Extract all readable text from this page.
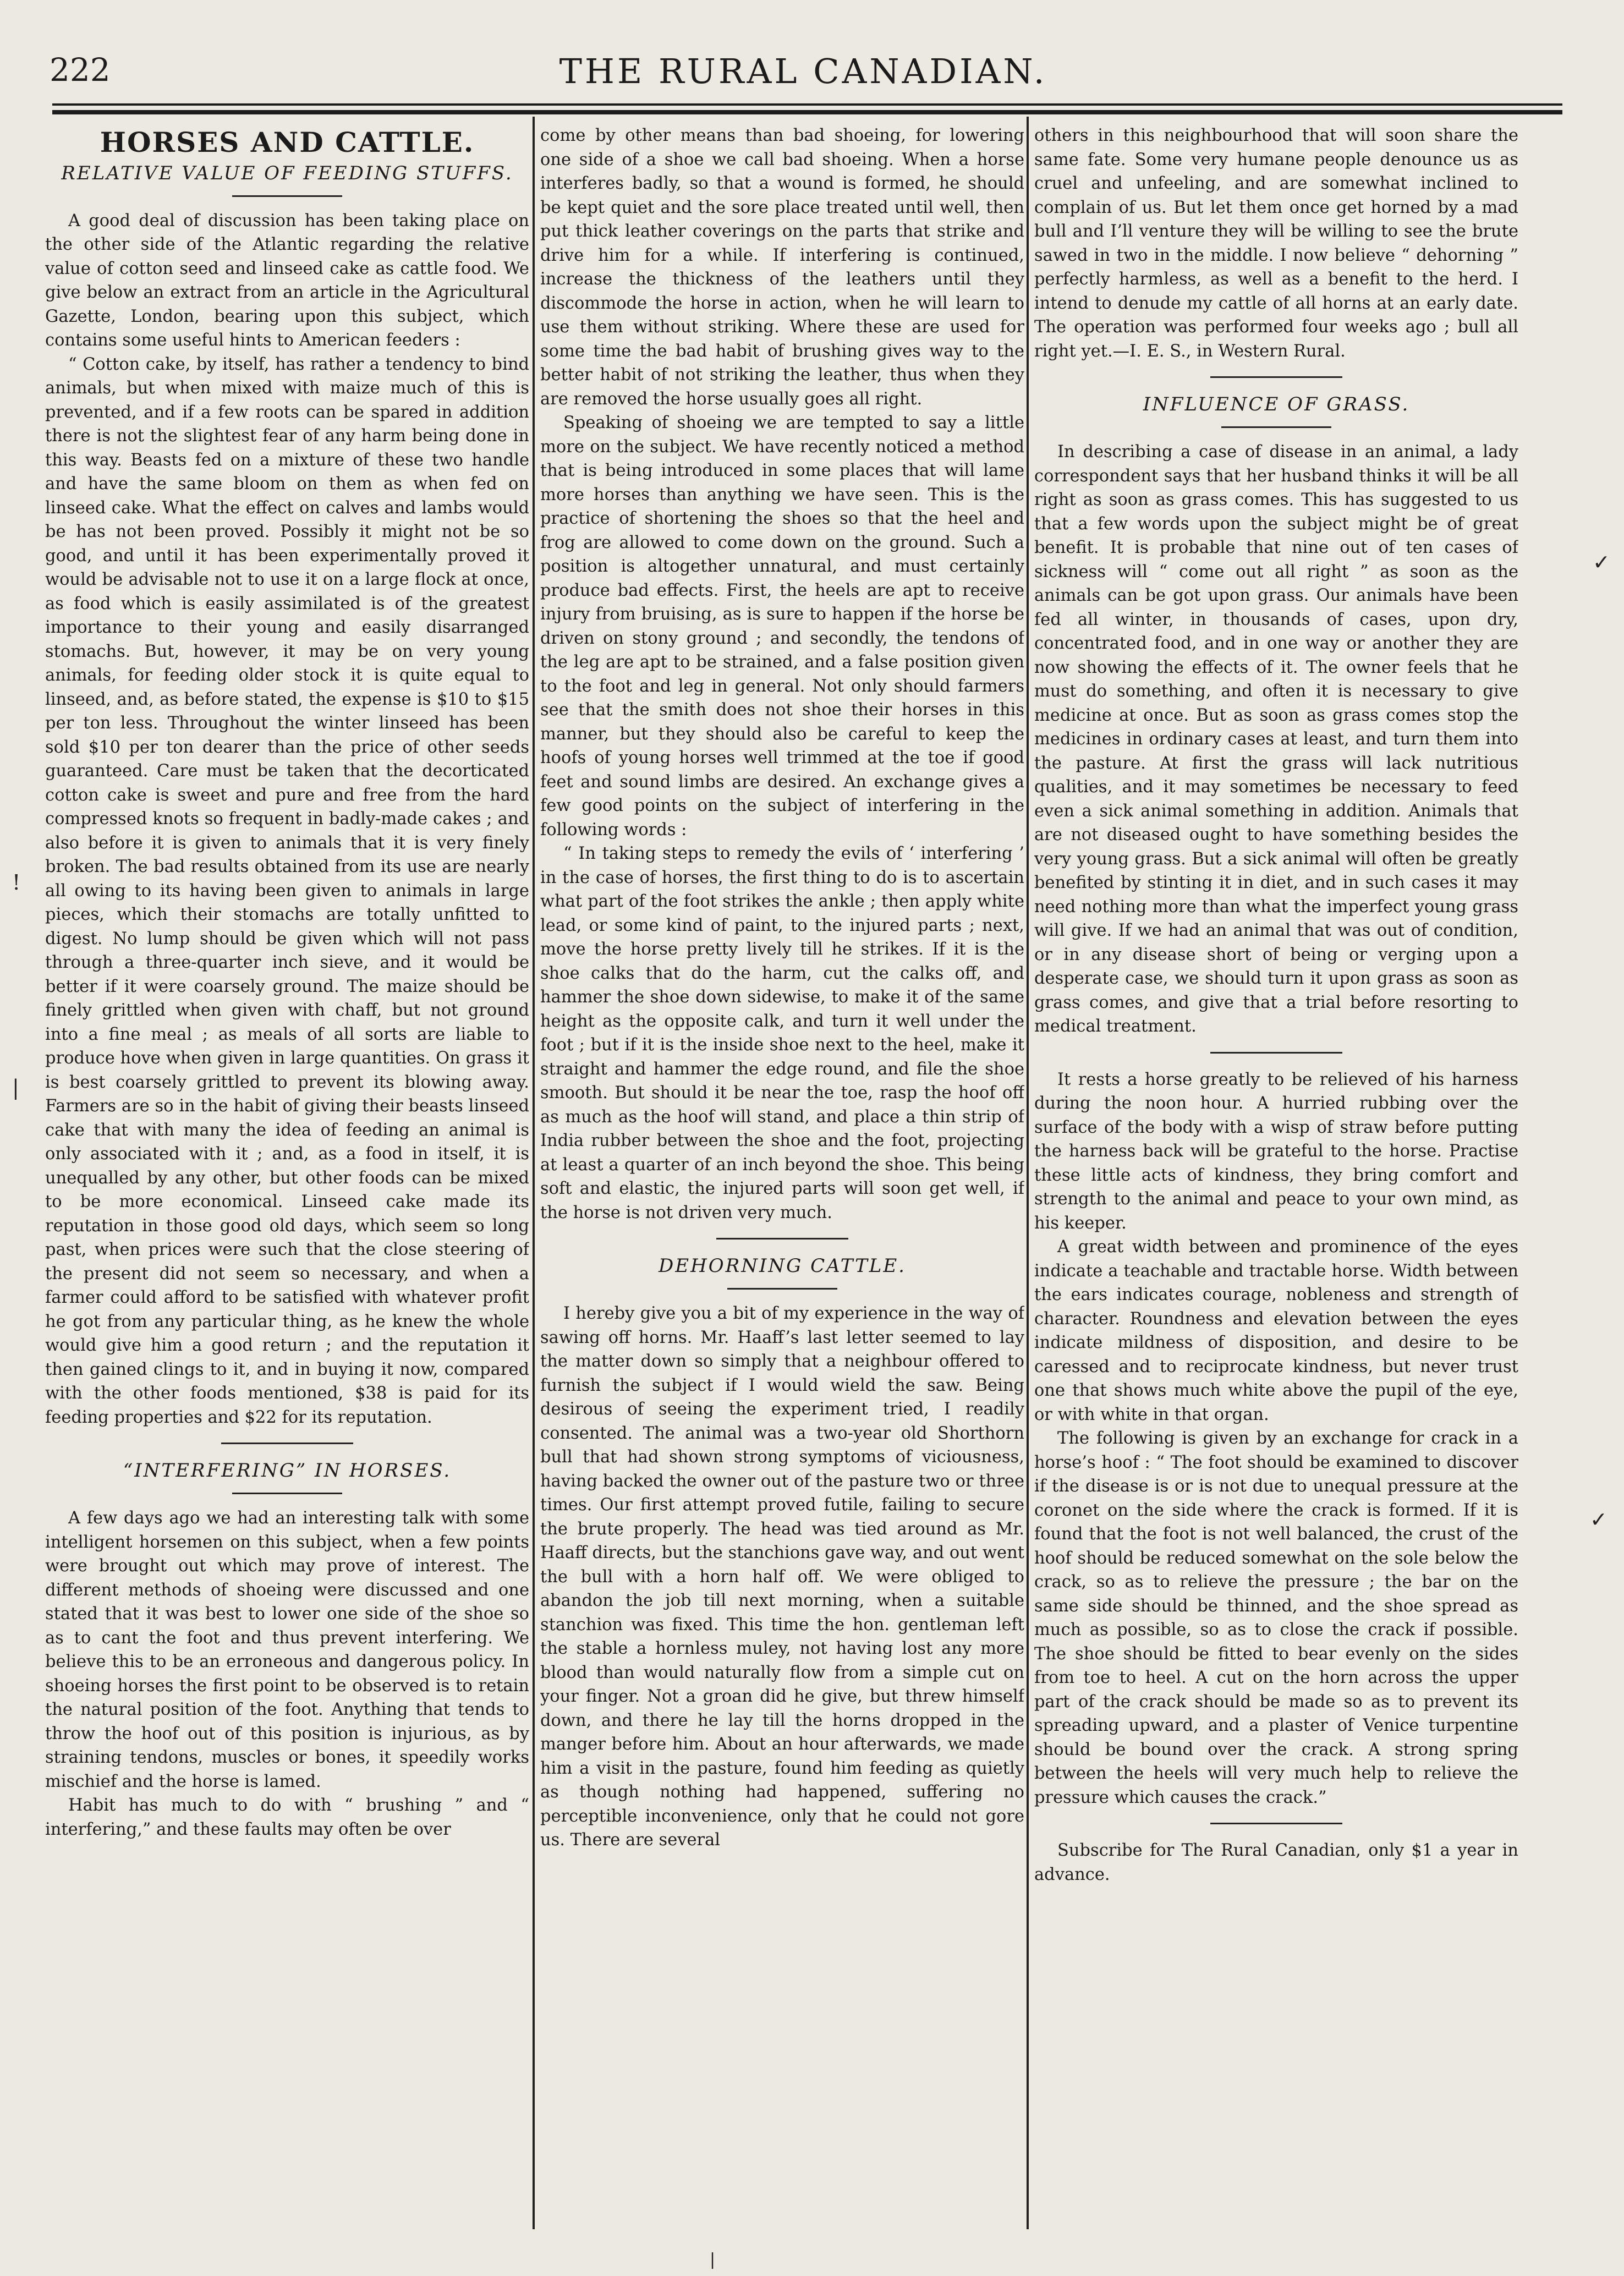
222	THE RURAL CANADIAN.
HORSES AND CATTLE.
RELATIVE VALUE OF FEEDING STUFFS.

A good deal of discussion has been taking place on the other side of the Atlantic regarding the relative value of cotton seed and linseed cake as cattle food. We give below an extract from an article in the Agricultural Gazette, London, bearing upon this subject, which contains some useful hints to American feeders :

“ Cotton cake, by itself, has rather a tendency to bind animals, but when mixed with maize much of this is prevented, and if a few roots can be spared in addition there is not the slightest fear of any harm being done in this way. Beasts fed on a mixture of these two handle and have the same bloom on them as when fed on linseed cake. What the effect on calves and lambs would be has not been proved. Possibly it might not be so good, and until it has been experimentally proved it would be advisable not to use it on a large flock at once, as food which is easily assimilated is of the greatest importance to their young and easily disarranged stomachs. But, however, it may be on very young animals, for feeding older stock it is quite equal to linseed, and, as before stated, the expense is $10 to $15 per ton less. Throughout the winter linseed has been sold $10 per ton dearer than the price of other seeds guaranteed. Care must be taken that the decorticated cotton cake is sweet and pure and free from the hard compressed knots so frequent in badly-made cakes ; and also before it is given to animals that it is very finely broken. The bad results obtained from its use are nearly all owing to its having been given to animals in large pieces, which their stomachs are totally unfitted to digest. No lump should be given which will not pass through a three-quarter inch sieve, and it would be better if it were coarsely ground. The maize should be finely grittled when given with chaff, but not ground into a fine meal ; as meals of all sorts are liable to produce hove when given in large quantities. On grass it is best coarsely grittled to prevent its blowing away. Farmers are so in the habit of giving their beasts linseed cake that with many the idea of feeding an animal is only associated with it ; and, as a food in itself, it is unequalled by any other, but other foods can be mixed to be more economical. Linseed cake made its reputation in those good old days, which seem so long past, when prices were such that the close steering of the present did not seem so necessary, and when a farmer could afford to be satisfied with whatever profit he got from any particular thing, as he knew the whole would give him a good return ; and the reputation it then gained clings to it, and in buying it now, compared with the other foods mentioned, $38 is paid for its feeding properties and $22 for its reputation.

“INTERFERING” IN HORSES.

A few days ago we had an interesting talk with some intelligent horsemen on this subject, when a few points were brought out which may prove of interest. The different methods of shoeing were discussed and one stated that it was best to lower one side of the shoe so as to cant the foot and thus prevent interfering. We believe this to be an erroneous and dangerous policy. In shoeing horses the first point to be observed is to retain the natural position of the foot. Anything that tends to throw the hoof out of this position is injurious, as by straining tendons, muscles or bones, it speedily works mischief and the horse is lamed.

Habit has much to do with “ brushing ” and “ interfering,” and these faults may often be over

come by other means than bad shoeing, for lowering one side of a shoe we call bad shoeing. When a horse interferes badly, so that a wound is formed, he should be kept quiet and the sore place treated until well, then put thick leather coverings on the parts that strike and drive him for a while. If interfering is continued, increase the thickness of the leathers until they discommode the horse in action, when he will learn to use them without striking. Where these are used for some time the bad habit of brushing gives way to the better habit of not striking the leather, thus when they are removed the horse usually goes all right.

Speaking of shoeing we are tempted to say a little more on the subject. We have recently noticed a method that is being introduced in some places that will lame more horses than anything we have seen. This is the practice of shortening the shoes so that the heel and frog are allowed to come down on the ground. Such a position is altogether unnatural, and must certainly produce bad effects. First, the heels are apt to receive injury from bruising, as is sure to happen if the horse be driven on stony ground ; and secondly, the tendons of the leg are apt to be strained, and a false position given to the foot and leg in general. Not only should farmers see that the smith does not shoe their horses in this manner, but they should also be careful to keep the hoofs of young horses well trimmed at the toe if good feet and sound limbs are desired. An exchange gives a few good points on the subject of interfering in the following words :

“ In taking steps to remedy the evils of ‘ interfering ’ in the case of horses, the first thing to do is to ascertain what part of the foot strikes the ankle ; then apply white lead, or some kind of paint, to the injured parts ; next, move the horse pretty lively till he strikes. If it is the shoe calks that do the harm, cut the calks off, and hammer the shoe down sidewise, to make it of the same height as the opposite calk, and turn it well under the foot ; but if it is the inside shoe next to the heel, make it straight and hammer the edge round, and file the shoe smooth. But should it be near the toe, rasp the hoof off as much as the hoof will stand, and place a thin strip of India rubber between the shoe and the foot, projecting at least a quarter of an inch beyond the shoe. This being soft and elastic, the injured parts will soon get well, if the horse is not driven very much.

DEHORNING CATTLE.

I hereby give you a bit of my experience in the way of sawing off horns. Mr. Haaff’s last letter seemed to lay the matter down so simply that a neighbour offered to furnish the subject if I would wield the saw. Being desirous of seeing the experiment tried, I readily consented. The animal was a two-year old Shorthorn bull that had shown strong symptoms of viciousness, having backed the owner out of the pasture two or three times. Our first attempt proved futile, failing to secure the brute properly. The head was tied around as Mr. Haaff directs, but the stanchions gave way, and out went the bull with a horn half off. We were obliged to abandon the job till next morning, when a suitable stanchion was fixed. This time the hon. gentleman left the stable a hornless muley, not having lost any more blood than would naturally flow from a simple cut on your finger. Not a groan did he give, but threw himself down, and there he lay till the horns dropped in the manger before him. About an hour afterwards, we made him a visit in the pasture, found him feeding as quietly as though nothing had happened, suffering no perceptible inconvenience, only that he could not gore us. There are several

others in this neighbourhood that will soon share the same fate. Some very humane people denounce us as cruel and unfeeling, and are somewhat inclined to complain of us. But let them once get horned by a mad bull and I’ll venture they will be willing to see the brute sawed in two in the middle. I now believe “ dehorning ” perfectly harmless, as well as a benefit to the herd. I intend to denude my cattle of all horns at an early date. The operation was performed four weeks ago ; bull all right yet.—I. E. S., in Western Rural.

INFLUENCE OF GRASS.

In describing a case of disease in an animal, a lady correspondent says that her husband thinks it will be all right as soon as grass comes. This has suggested to us that a few words upon the subject might be of great benefit. It is probable that nine out of ten cases of sickness will “ come out all right ” as soon as the animals can be got upon grass. Our animals have been fed all winter, in thousands of cases, upon dry, concentrated food, and in one way or another they are now showing the effects of it. The owner feels that he must do something, and often it is necessary to give medicine at once. But as soon as grass comes stop the medicines in ordinary cases at least, and turn them into the pasture. At first the grass will lack nutritious qualities, and it may sometimes be necessary to feed even a sick animal something in addition. Animals that are not diseased ought to have something besides the very young grass. But a sick animal will often be greatly benefited by stinting it in diet, and in such cases it may need nothing more than what the imperfect young grass will give. If we had an animal that was out of condition, or in any disease short of being or verging upon a desperate case, we should turn it upon grass as soon as grass comes, and give that a trial before resorting to medical treatment.

It rests a horse greatly to be relieved of his harness during the noon hour. A hurried rubbing over the surface of the body with a wisp of straw before putting the harness back will be grateful to the horse. Practise these little acts of kindness, they bring comfort and strength to the animal and peace to your own mind, as his keeper.

A great width between and prominence of the eyes indicate a teachable and tractable horse. Width between the ears indicates courage, nobleness and strength of character. Roundness and elevation between the eyes indicate mildness of disposition, and desire to be caressed and to reciprocate kindness, but never trust one that shows much white above the pupil of the eye, or with white in that organ.

The following is given by an exchange for crack in a horse’s hoof : “ The foot should be examined to discover if the disease is or is not due to unequal pressure at the coronet on the side where the crack is formed. If it is found that the foot is not well balanced, the crust of the hoof should be reduced somewhat on the sole below the crack, so as to relieve the pressure ; the bar on the same side should be thinned, and the shoe spread as much as possible, so as to close the crack if possible. The shoe should be fitted to bear evenly on the sides from toe to heel. A cut on the horn across the upper part of the crack should be made so as to prevent its spreading upward, and a plaster of Venice turpentine should be bound over the crack. A strong spring between the heels will very much help to relieve the pressure which causes the crack.”

Subscribe for The Rural Canadian, only $1 a year in advance.

✓
✓
!
|
|
